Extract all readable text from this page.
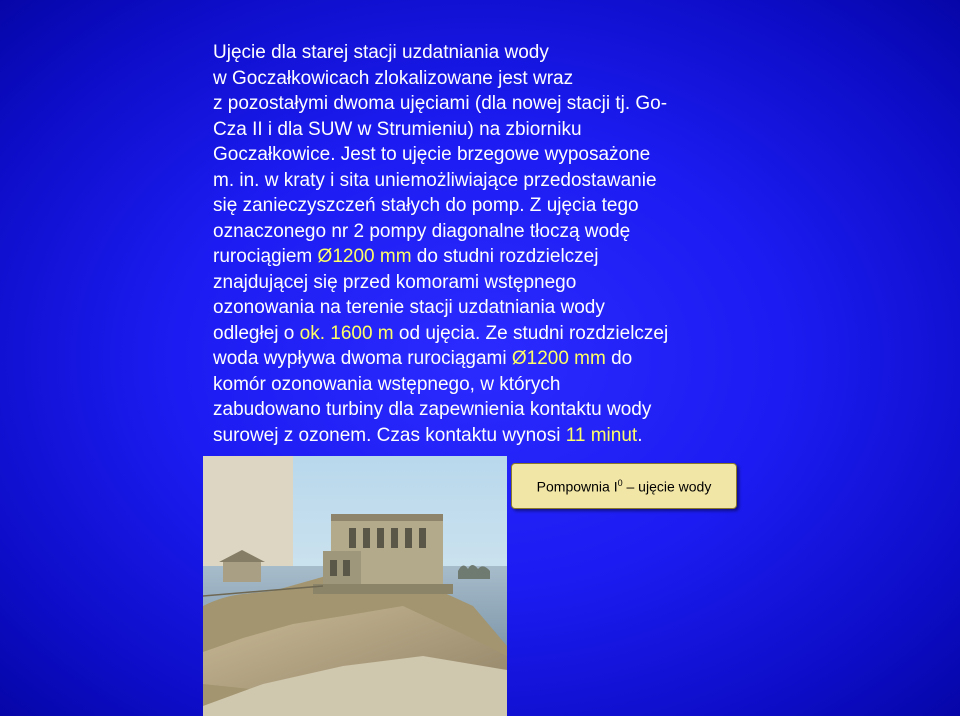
Ujęcie dla starej stacji uzdatniania wody
w Goczałkowicach zlokalizowane jest wraz
z pozostałymi dwoma ujęciami (dla nowej stacji tj. Go-
Cza II i dla SUW w Strumieniu) na zbiorniku
Goczałkowice. Jest to ujęcie brzegowe wyposażone
m. in. w kraty i sita uniemożliwiające przedostawanie
się zanieczyszczeń stałych do pomp. Z ujęcia tego
oznaczonego nr 2 pompy diagonalne tłoczą wodę
rurociągiem Ø1200 mm do studni rozdzielczej
znajdującej się przed komorami wstępnego
ozonowania na terenie stacji uzdatniania wody
odległej o ok. 1600 m od ujęcia. Ze studni rozdzielczej
woda wypływa dwoma rurociągami Ø1200 mm do
komór ozonowania wstępnego, w których
zabudowano turbiny dla zapewnienia kontaktu wody
surowej z ozonem. Czas kontaktu wynosi 11 minut.
Pompownia $I^0$ – ujęcie wody
